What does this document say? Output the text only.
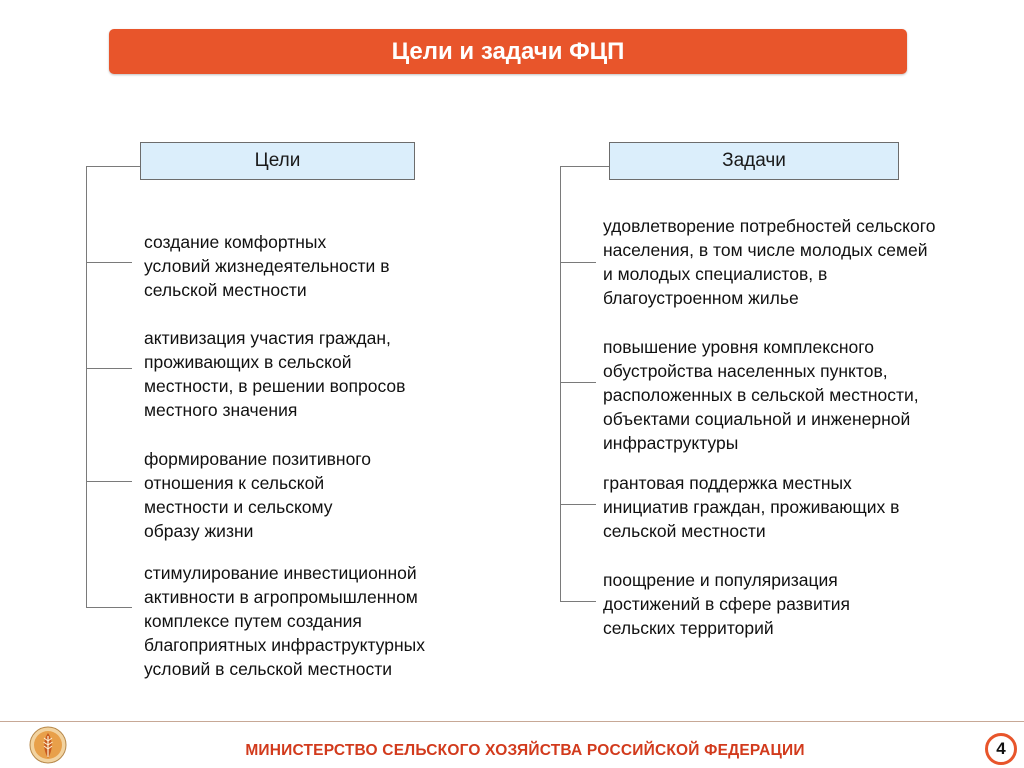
Цели и задачи ФЦП
Цели
создание комфортных
условий жизнедеятельности в
сельской местности
активизация участия граждан,
проживающих в сельской
местности, в решении вопросов
местного значения
формирование позитивного
отношения к сельской
местности и сельскому
образу жизни
стимулирование инвестиционной
активности в агропромышленном
комплексе путем создания
благоприятных инфраструктурных
условий в сельской местности
Задачи
удовлетворение потребностей сельского
населения, в том числе молодых семей
и молодых специалистов, в
благоустроенном жилье
повышение уровня комплексного
обустройства населенных пунктов,
расположенных в сельской местности,
объектами социальной и инженерной
инфраструктуры
грантовая поддержка местных
инициатив граждан, проживающих в
сельской местности
поощрение и популяризация
достижений в сфере развития
сельских территорий
МИНИСТЕРСТВО СЕЛЬСКОГО ХОЗЯЙСТВА РОССИЙСКОЙ ФЕДЕРАЦИИ	4
